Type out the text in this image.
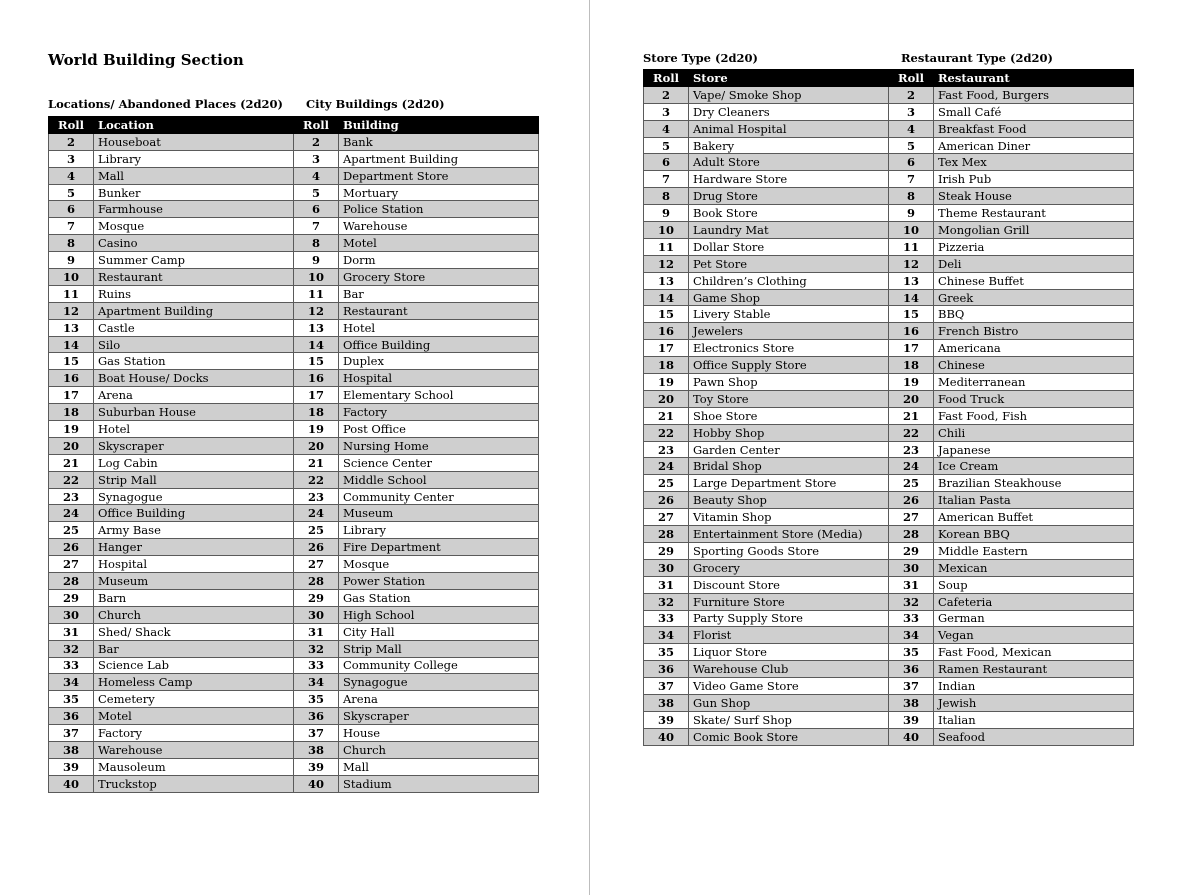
World Building Section
Locations/ Abandoned Places (2d20) City Buildings (2d20)
Store Type (2d20)	Restaurant Type (2d20)
Roll	Location	Roll	Building
2	Houseboat	2	Bank
3	Library	3	Apartment Building
4	Mall	4	Department Store
5	Bunker	5	Mortuary
6	Farmhouse	6	Police Station
7	Mosque	7	Warehouse
8	Casino	8	Motel
9	Summer Camp	9	Dorm
10	Restaurant	10	Grocery Store
11	Ruins	11	Bar
12	Apartment Building	12	Restaurant
13	Castle	13	Hotel
14	Silo	14	Office Building
15	Gas Station	15	Duplex
16	Boat House/ Docks	16	Hospital
17	Arena	17	Elementary School
18	Suburban House	18	Factory
19	Hotel	19	Post Office
20	Skyscraper	20	Nursing Home
21	Log Cabin	21	Science Center
22	Strip Mall	22	Middle School
23	Synagogue	23	Community Center
24	Office Building	24	Museum
25	Army Base	25	Library
26	Hanger	26	Fire Department
27	Hospital	27	Mosque
28	Museum	28	Power Station
29	Barn	29	Gas Station
30	Church	30	High School
31	Shed/ Shack	31	City Hall
32	Bar	32	Strip Mall
33	Science Lab	33	Community College
34	Homeless Camp	34	Synagogue
35	Cemetery	35	Arena
36	Motel	36	Skyscraper
37	Factory	37	House
38	Warehouse	38	Church
39	Mausoleum	39	Mall
40	Truckstop	40	Stadium
Roll	Store	Roll	Restaurant
2	Vape/ Smoke Shop	2	Fast Food, Burgers
3	Dry Cleaners	3	Small Café
4	Animal Hospital	4	Breakfast Food
5	Bakery	5	American Diner
6	Adult Store	6	Tex Mex
7	Hardware Store	7	Irish Pub
8	Drug Store	8	Steak House
9	Book Store	9	Theme Restaurant
10	Laundry Mat	10	Mongolian Grill
11	Dollar Store	11	Pizzeria
12	Pet Store	12	Deli
13	Children’s Clothing	13	Chinese Buffet
14	Game Shop	14	Greek
15	Livery Stable	15	BBQ
16	Jewelers	16	French Bistro
17	Electronics Store	17	Americana
18	Office Supply Store	18	Chinese
19	Pawn Shop	19	Mediterranean
20	Toy Store	20	Food Truck
21	Shoe Store	21	Fast Food, Fish
22	Hobby Shop	22	Chili
23	Garden Center	23	Japanese
24	Bridal Shop	24	Ice Cream
25	Large Department Store	25	Brazilian Steakhouse
26	Beauty Shop	26	Italian Pasta
27	Vitamin Shop	27	American Buffet
28	Entertainment Store (Media)	28	Korean BBQ
29	Sporting Goods Store	29	Middle Eastern
30	Grocery	30	Mexican
31	Discount Store	31	Soup
32	Furniture Store	32	Cafeteria
33	Party Supply Store	33	German
34	Florist	34	Vegan
35	Liquor Store	35	Fast Food, Mexican
36	Warehouse Club	36	Ramen Restaurant
37	Video Game Store	37	Indian
38	Gun Shop	38	Jewish
39	Skate/ Surf Shop	39	Italian
40	Comic Book Store	40	Seafood
